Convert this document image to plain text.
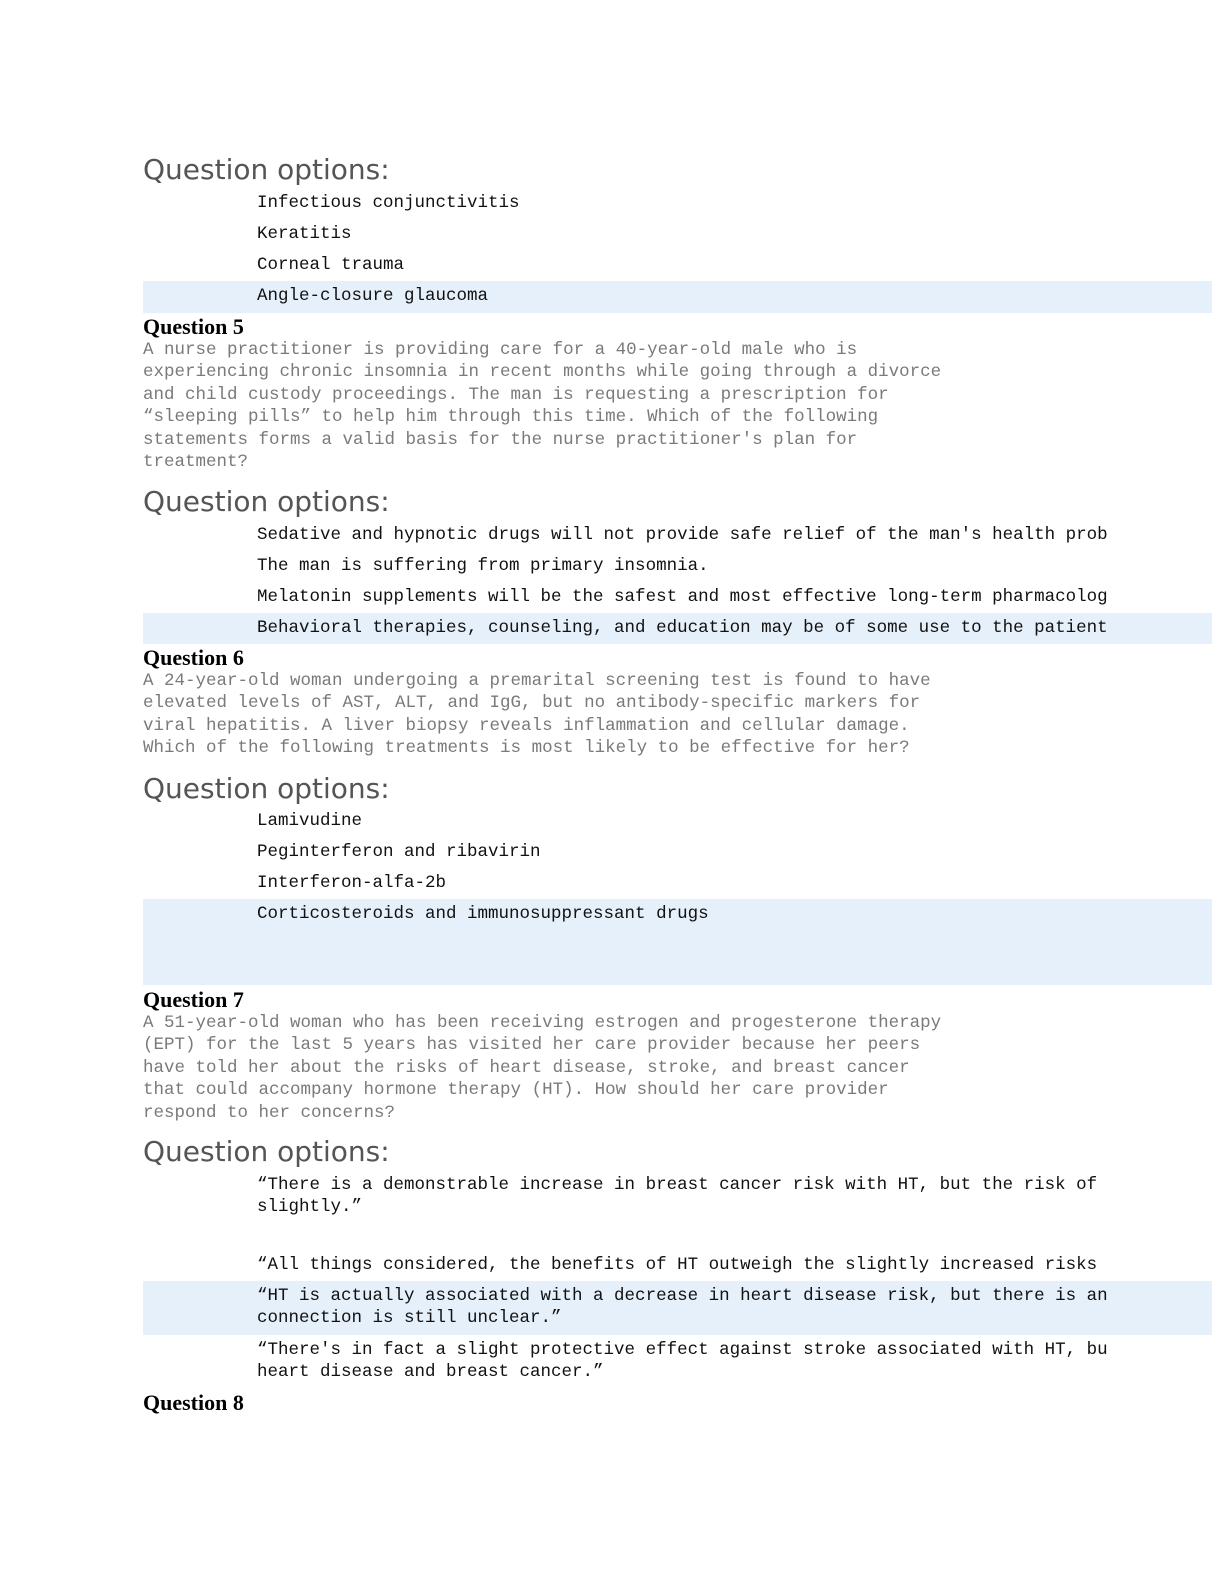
Question options:
Infectious conjunctivitis
Keratitis
Corneal trauma
Angle-closure glaucoma
Question 5
A nurse practitioner is providing care for a 40-year-old male who is
experiencing chronic insomnia in recent months while going through a divorce
and child custody proceedings. The man is requesting a prescription for
“sleeping pills” to help him through this time. Which of the following
statements forms a valid basis for the nurse practitioner's plan for
treatment?
Question options:
Sedative and hypnotic drugs will not provide safe relief of the man's health prob
The man is suffering from primary insomnia.
Melatonin supplements will be the safest and most effective long-term pharmacolog
Behavioral therapies, counseling, and education may be of some use to the patient
Question 6
A 24-year-old woman undergoing a premarital screening test is found to have
elevated levels of AST, ALT, and IgG, but no antibody-specific markers for
viral hepatitis. A liver biopsy reveals inflammation and cellular damage.
Which of the following treatments is most likely to be effective for her?
Question options:
Lamivudine
Peginterferon and ribavirin
Interferon-alfa-2b
Corticosteroids and immunosuppressant drugs
Question 7
A 51-year-old woman who has been receiving estrogen and progesterone therapy
(EPT) for the last 5 years has visited her care provider because her peers
have told her about the risks of heart disease, stroke, and breast cancer
that could accompany hormone therapy (HT). How should her care provider
respond to her concerns?
Question options:
“There is a demonstrable increase in breast cancer risk with HT, but the risk of
slightly.”
“All things considered, the benefits of HT outweigh the slightly increased risks
“HT is actually associated with a decrease in heart disease risk, but there is an
connection is still unclear.”
“There's in fact a slight protective effect against stroke associated with HT, bu
heart disease and breast cancer.”
Question 8
